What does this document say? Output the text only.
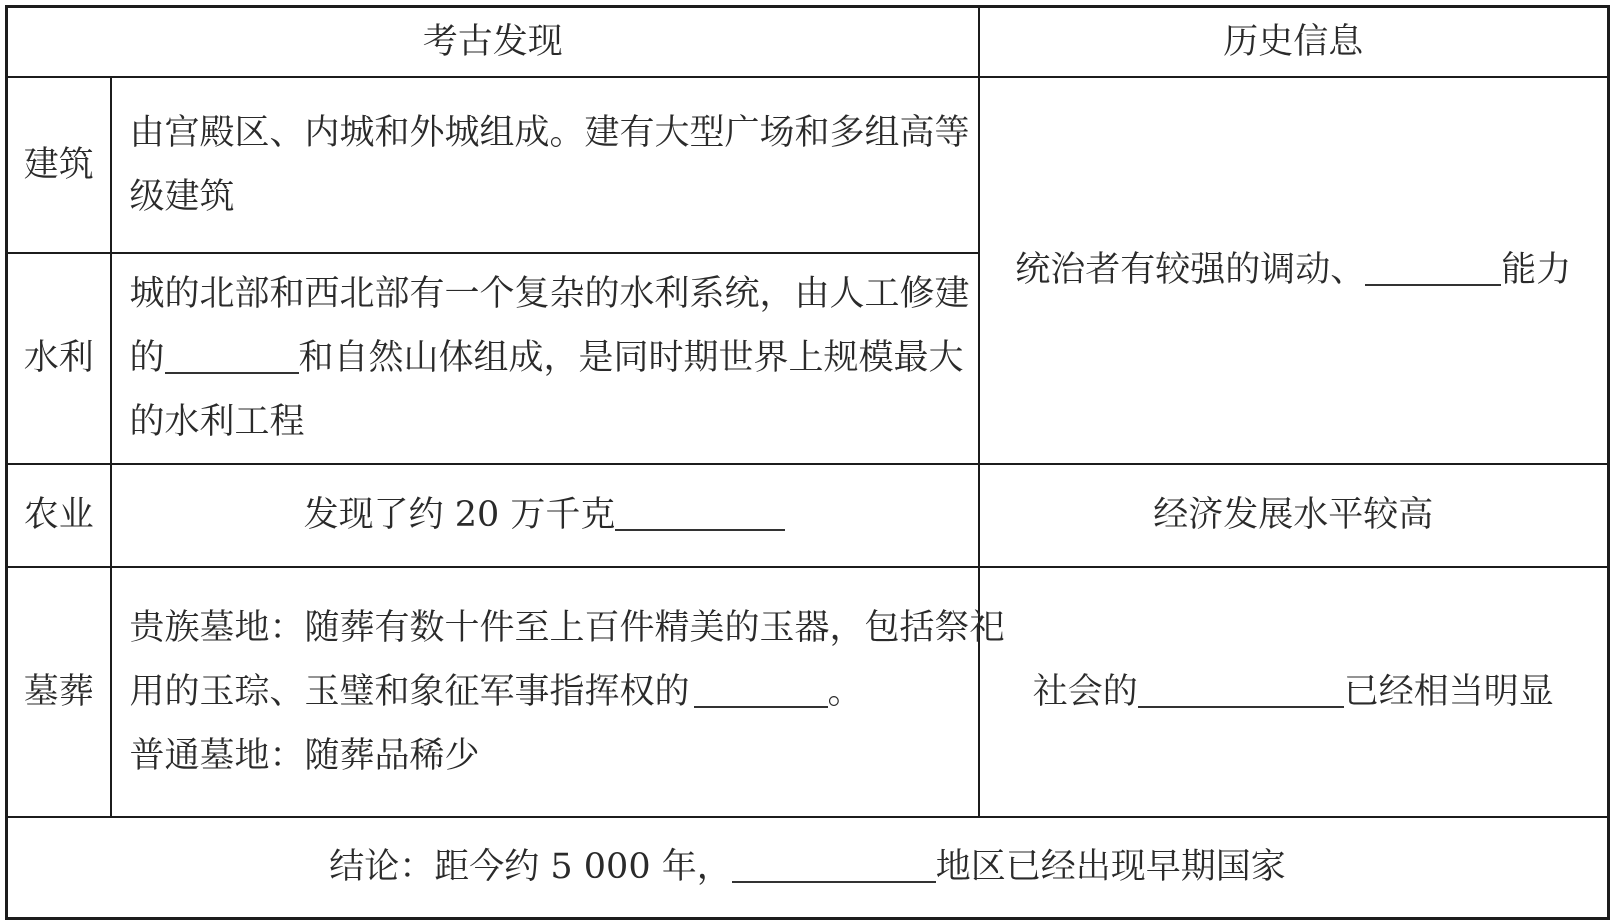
考古发现		历史信息
建筑	由宫殿区、内城和外城组成。建有大型广场和多组高等
级建筑	统治者有较强的调动、 能力
水利	城的北部和西北部有一个复杂的水利系统，由人工修建
的 和自然山体组成，是同时期世界上规模最大
的水利工程	

农业	发现了约 20 万千克	经济发展水平较高
墓葬	贵族墓地：随葬有数十件至上百件精美的玉器，包括祭祀
用的玉琮、玉璧和象征军事指挥权的 。
普通墓地：随葬品稀少	社会的 已经相当明显
结论：距今约 5 000 年， 地区已经出现早期国家		
